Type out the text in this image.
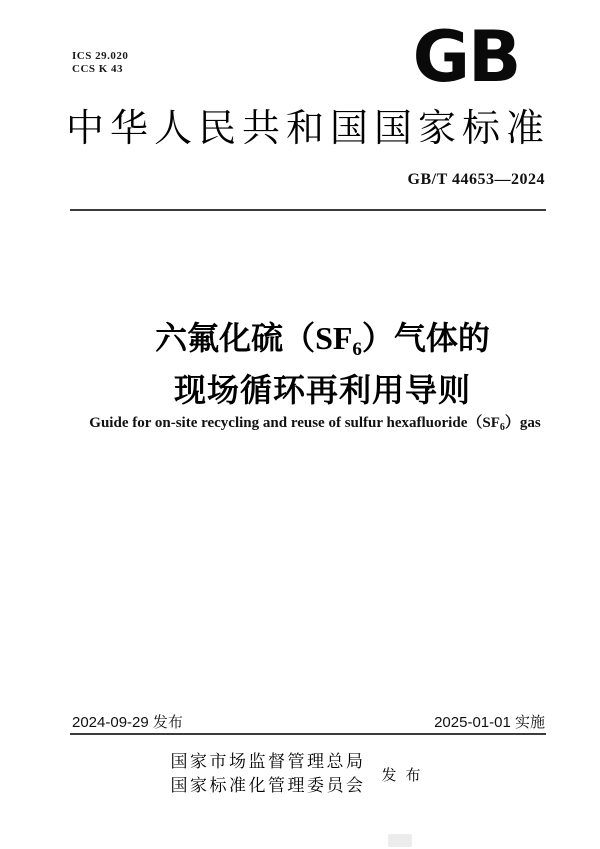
ICS 29.020
CCS K 43	GB
中华人民共和国国家标准
GB/T 44653—2024
六氟化硫$(SF_6)$气体的
现场循环再利用导则
Guide for on-site recycling and reuse of sulfur $hexafluoride(SF_6)gas$
2024-09-29 发布	2025-01-01 实施
国家市场监督管理总局
国家标准化管理委员会
发布
